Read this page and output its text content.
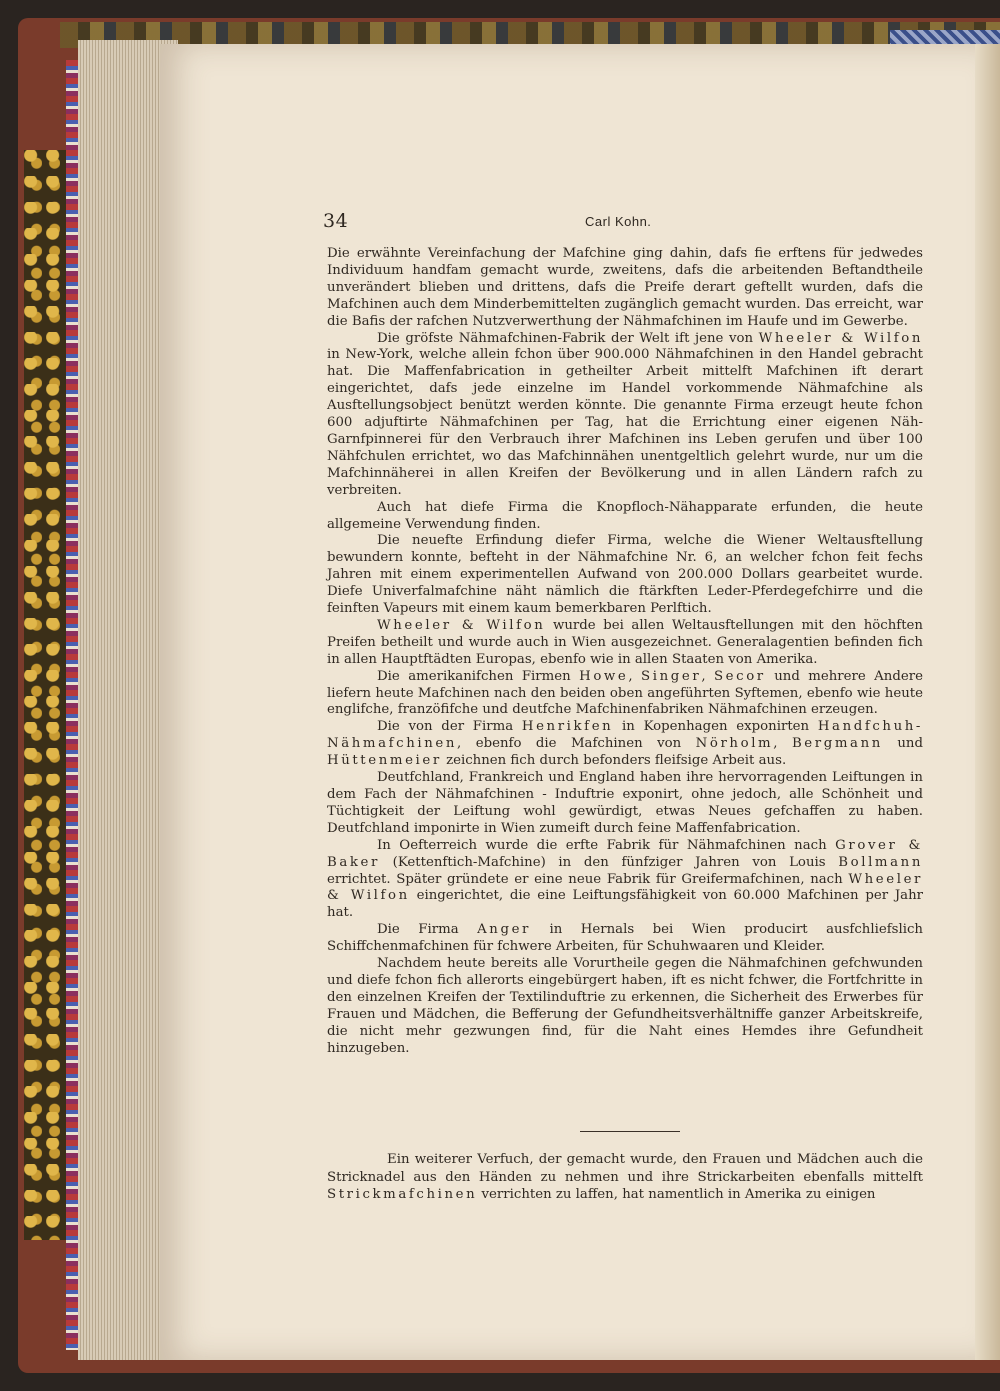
34	Carl Kohn.

Die erwähnte Vereinfachung der Mafchine ging dahin, dafs fie erftens für jedwedes Individuum handfam gemacht wurde, zweitens, dafs die arbeitenden Beftandtheile unverändert blieben und drittens, dafs die Preife derart geftellt wurden, dafs die Mafchinen auch dem Minderbemittelten zugänglich gemacht wurden. Das erreicht, war die Bafis der rafchen Nutzverwerthung der Nähmafchinen im Haufe und im Gewerbe.

Die gröfste Nähmafchinen-Fabrik der Welt ift jene von Wheeler & Wilfon in New-York, welche allein fchon über 900.000 Nähmafchinen in den Handel gebracht hat. Die Maffenfabrication in getheilter Arbeit mittelft Mafchinen ift derart eingerichtet, dafs jede einzelne im Handel vorkommende Nähmafchine als Ausftellungsobject benützt werden könnte. Die genannte Firma erzeugt heute fchon 600 adjuftirte Nähmafchinen per Tag, hat die Errichtung einer eigenen Näh-Garnfpinnerei für den Verbrauch ihrer Mafchinen ins Leben gerufen und über 100 Nähfchulen errichtet, wo das Mafchinnähen unentgeltlich gelehrt wurde, nur um die Mafchinnäherei in allen Kreifen der Bevölkerung und in allen Ländern rafch zu verbreiten.

Auch hat diefe Firma die Knopfloch-Nähapparate erfunden, die heute allgemeine Verwendung finden.

Die neuefte Erfindung diefer Firma, welche die Wiener Weltausftellung bewundern konnte, befteht in der Nähmafchine Nr. 6, an welcher fchon feit fechs Jahren mit einem experimentellen Aufwand von 200.000 Dollars gearbeitet wurde. Diefe Univerfalmafchine näht nämlich die ftärkften Leder-Pferdegefchirre und die feinften Vapeurs mit einem kaum bemerkbaren Perlftich.

Wheeler & Wilfon wurde bei allen Weltausftellungen mit den höchften Preifen betheilt und wurde auch in Wien ausgezeichnet. Generalagentien befinden fich in allen Hauptftädten Europas, ebenfo wie in allen Staaten von Amerika.

Die amerikanifchen Firmen Howe, Singer, Secor und mehrere Andere liefern heute Mafchinen nach den beiden oben angeführten Syftemen, ebenfo wie heute englifche, franzöfifche und deutfche Mafchinenfabriken Nähmafchinen erzeugen.

Die von der Firma Henrikfen in Kopenhagen exponirten Handfchuh-Nähmafchinen, ebenfo die Mafchinen von Nörholm, Bergmann und Hüttenmeier zeichnen fich durch befonders fleifsige Arbeit aus.

Deutfchland, Frankreich und England haben ihre hervorragenden Leiftungen in dem Fach der Nähmafchinen - Induftrie exponirt, ohne jedoch, alle Schönheit und Tüchtigkeit der Leiftung wohl gewürdigt, etwas Neues gefchaffen zu haben. Deutfchland imponirte in Wien zumeift durch feine Maffenfabrication.

In Oefterreich wurde die erfte Fabrik für Nähmafchinen nach Grover & Baker (Kettenftich-Mafchine) in den fünfziger Jahren von Louis Bollmann errichtet. Später gründete er eine neue Fabrik für Greifermafchinen, nach Wheeler & Wilfon eingerichtet, die eine Leiftungsfähigkeit von 60.000 Mafchinen per Jahr hat.

Die Firma Anger in Hernals bei Wien producirt ausfchliefslich Schiffchenmafchinen für fchwere Arbeiten, für Schuhwaaren und Kleider.

Nachdem heute bereits alle Vorurtheile gegen die Nähmafchinen gefchwunden und diefe fchon fich allerorts eingebürgert haben, ift es nicht fchwer, die Fortfchritte in den einzelnen Kreifen der Textilinduftrie zu erkennen, die Sicherheit des Erwerbes für Frauen und Mädchen, die Befferung der Gefundheitsverhältniffe ganzer Arbeitskreife, die nicht mehr gezwungen find, für die Naht eines Hemdes ihre Gefundheit hinzugeben.

Ein weiterer Verfuch, der gemacht wurde, den Frauen und Mädchen auch die Stricknadel aus den Händen zu nehmen und ihre Strickarbeiten ebenfalls mittelft Strickmafchinen verrichten zu laffen, hat namentlich in Amerika zu einigen
